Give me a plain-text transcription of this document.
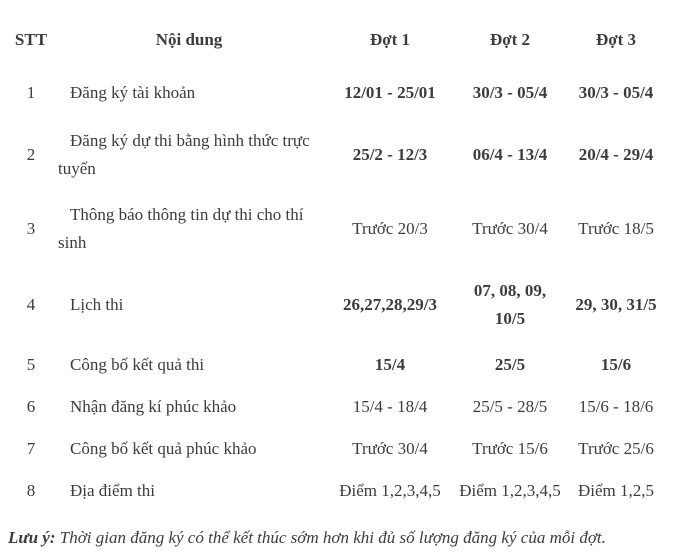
STT	Nội dung	Đợt 1	Đợt 2	Đợt 3
1	Đăng ký tài khoản	12/01 - 25/01	30/3 - 05/4	30/3 - 05/4
2	Đăng ký dự thi bằng hình thức trực tuyến	25/2 - 12/3	06/4 - 13/4	20/4 - 29/4
3	Thông báo thông tin dự thi cho thí sinh	Trước 20/3	Trước 30/4	Trước 18/5
4	Lịch thi	26,27,28,29/3	07, 08, 09, 10/5	29, 30, 31/5
5	Công bố kết quả thi	15/4	25/5	15/6
6	Nhận đăng kí phúc khảo	15/4 - 18/4	25/5 - 28/5	15/6 - 18/6
7	Công bố kết quả phúc khảo	Trước 30/4	Trước 15/6	Trước 25/6
8	Địa điểm thi	Điểm 1,2,3,4,5	Điểm 1,2,3,4,5	Điểm 1,2,5

Lưu ý: Thời gian đăng ký có thể kết thúc sớm hơn khi đủ số lượng đăng ký của mỗi đợt.
